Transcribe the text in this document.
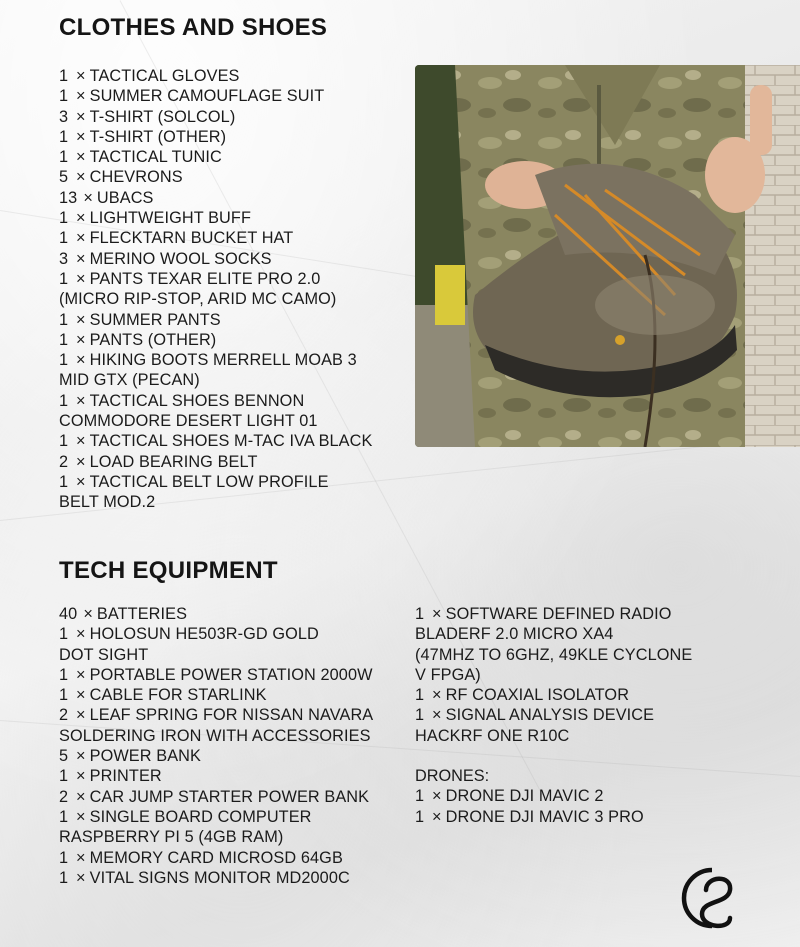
CLOTHES AND SHOES
1 × TACTICAL GLOVES
1 × SUMMER CAMOUFLAGE SUIT
3 × T-SHIRT (SOLCOL)
1 × T-SHIRT (OTHER)
1 × TACTICAL TUNIC
5 × CHEVRONS
13 × UBACS
1 × LIGHTWEIGHT BUFF
1 × FLECKTARN BUCKET HAT
3 × MERINO WOOL SOCKS
1 × PANTS TEXAR ELITE PRO 2.0
(MICRO RIP-STOP, ARID MC CAMO)
1 × SUMMER PANTS
1 × PANTS (OTHER)
1 × HIKING BOOTS MERRELL MOAB 3
MID GTX (PECAN)
1 × TACTICAL SHOES BENNON
COMMODORE DESERT LIGHT 01
1 × TACTICAL SHOES M-TAC IVA BLACK
2 × LOAD BEARING BELT
1 × TACTICAL BELT LOW PROFILE
BELT MOD.2
TECH EQUIPMENT
40 × BATTERIES
1 × HOLOSUN HE503R-GD GOLD
DOT SIGHT
1 × PORTABLE POWER STATION 2000W
1 × CABLE FOR STARLINK
2 × LEAF SPRING FOR NISSAN NAVARA
SOLDERING IRON WITH ACCESSORIES
5 × POWER BANK
1 × PRINTER
2 × CAR JUMP STARTER POWER BANK
1 × SINGLE BOARD COMPUTER
RASPBERRY PI 5 (4GB RAM)
1 × MEMORY CARD MICROSD 64GB
1 × VITAL SIGNS MONITOR MD2000C
1 × SOFTWARE DEFINED RADIO
BLADERF 2.0 MICRO XA4
(47MHZ TO 6GHZ, 49KLE CYCLONE
V FPGA)
1 × RF COAXIAL ISOLATOR
1 × SIGNAL ANALYSIS DEVICE
HACKRF ONE R10C
DRONES:
1 × DRONE DJI MAVIC 2
1 × DRONE DJI MAVIC 3 PRO
